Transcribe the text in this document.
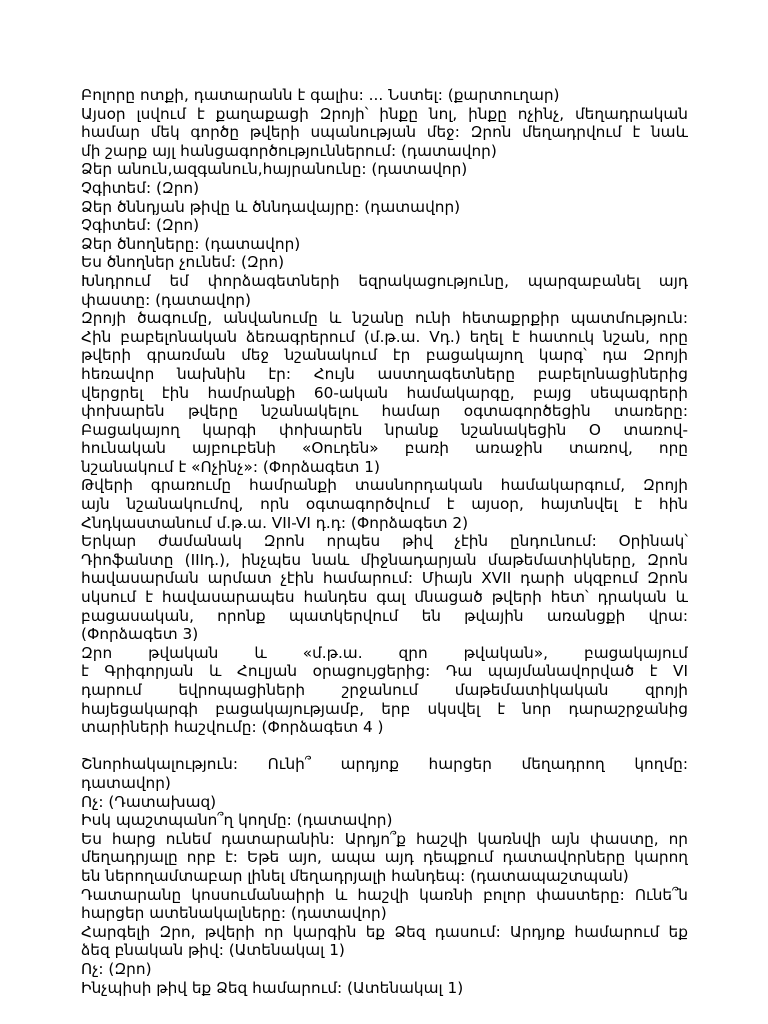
Բոլորը ոտքի, դատարանն է գալիս: ... Նստել: (քարտուղար)
Այսօր լսվում է քաղաքացի Զրոյի՝ ինքը նոլ, ինքը ոչինչ, մեղադրական
համար մեկ գործը թվերի սպանության մեջ: Զրոն մեղադրվում է նաև
մի շարք այլ հանցագործություններում: (դատավոր)
Ձեր անուն,ազգանուն,հայրանունը: (դատավոր)
Չգիտեմ: (Զրո)
Ձեր ծննդյան թիվը և ծննդավայրը: (դատավոր)
Չգիտեմ: (Զրո)
Ձեր ծնողները: (դատավոր)
Ես ծնողներ չունեմ: (Զրո)
Խնդրում եմ փորձագետների եզրակացությունը, պարզաբանել այդ
փաստը: (դատավոր)
Զրոյի ծագումը, անվանումը և նշանը ունի հետաքրքիր պատմություն:
Հին բաբելոնական ձեռագրերում (մ.թ.ա. Vդ.) եղել է հատուկ նշան, որը
թվերի գրառման մեջ նշանակում էր բացակայող կարգ՝ դա Զրոյի
հեռավոր նախնին էր: Հույն աստղագետները բաբելոնացիներից
վերցրել էին համրանքի 60-ական համակարգը, բայց սեպագրերի
փոխարեն թվերը նշանակելու համար օգտագործեցին տառերը:
Բացակայող կարգի փոխարեն նրանք նշանակեցին O տառով-
հունական այբուբենի «Օուդեն» բառի առաջին տառով, որը
նշանակում է «Ոչինչ»: (Փորձագետ 1)
Թվերի գրառումը համրանքի տասնորդական համակարգում, Զրոյի
այն նշանակումով, որն օգտագործվում է այսօր, հայտնվել է հին
Հնդկաստանում մ.թ.ա. VII-VI դ.դ: (Փորձագետ 2)
Երկար ժամանակ Զրոն որպես թիվ չէին ընդունում: Օրինակ՝
Դիոֆանտը (IIIդ.), ինչպես նաև միջնադարյան մաթեմատիկները, Զրոն
հավասարման արմատ չէին համարում: Միայն XVII դարի սկզբում Զրոն
սկսում է հավասարապես հանդես գալ մնացած թվերի հետ՝ դրական և
բացասական, որոնք պատկերվում են թվային առանցքի վրա:
(Փորձագետ 3)
Զրո թվական և «մ.թ.ա. զրո թվական», բացակայում
է Գրիգորյան և Հուլյան օրացույցերից: Դա պայմանավորված է VI
դարում եվրոպացիների շրջանում մաթեմատիկական զրոյի
հայեցակարգի բացակայությամբ, երբ սկսվել է նոր դարաշրջանից
տարիների հաշվումը: (Փորձագետ 4 )
Շնորհակալություն: Ունի՞ արդյոք հարցեր մեղադրող կողմը:
դատավոր)
Ոչ: (Դատախազ)
Իսկ պաշտպանո՞ղ կողմը: (դատավոր)
Ես հարց ունեմ դատարանին: Արդյո՞ք հաշվի կառնվի այն փաստը, որ
մեղադրյալը որբ է: Եթե այո, ապա այդ դեպքում դատավորները կարող
են ներողամտաբար լինել մեղադրյալի հանդեպ: (դատապաշտպան)
Դատարանը կոսսումանաիրի և հաշվի կառնի բոլոր փաստերը: Ունե՞ն
հարցեր ատենակալները: (դատավոր)
Հարգելի Զրո, թվերի որ կարգին եք Ձեզ դասում: Արդյոք համարում եք
ձեզ բնական թիվ: (Ատենակալ 1)
Ոչ: (Զրո)
Ինչպիսի թիվ եք Ձեզ համարում: (Ատենակալ 1)
